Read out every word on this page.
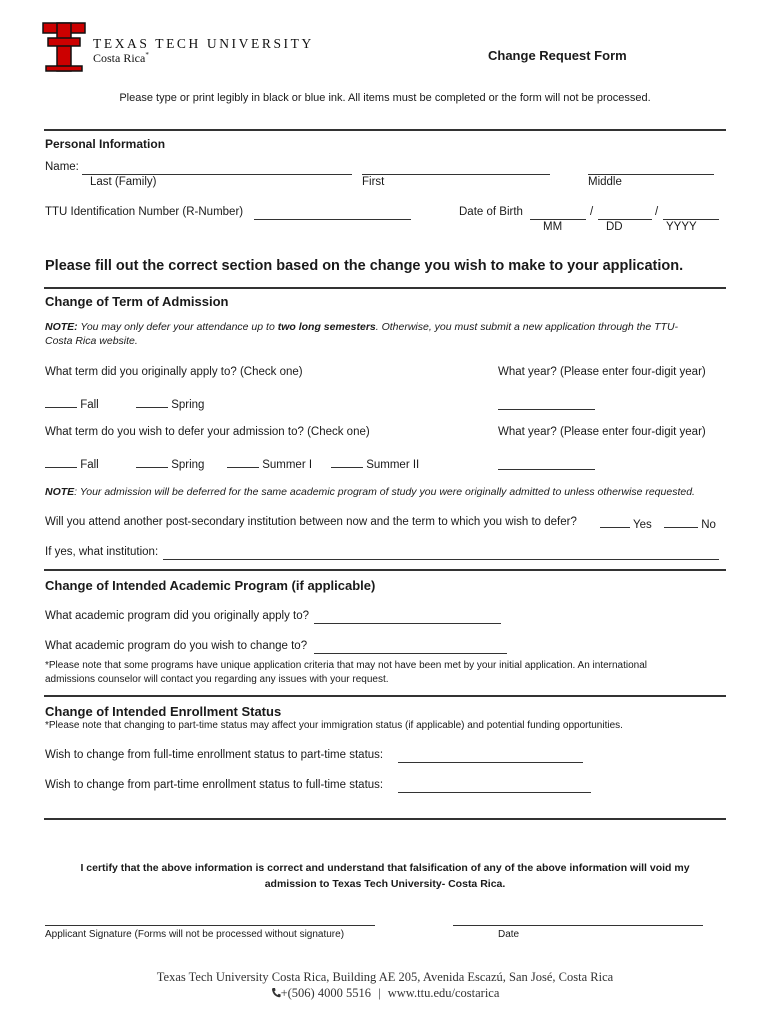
TEXAS TECH UNIVERSITY
Costa Rica*	Change Request Form
Please type or print legibly in black or blue ink. All items must be completed or the form will not be processed.
Personal Information
Name:
Last (Family)	First	Middle
TTU Identification Number (R-Number)	Date of Birth	/	/
MM	DD	YYYY
Please fill out the correct section based on the change you wish to make to your application.
Change of Term of Admission
NOTE: You may only defer your attendance up to two long semesters. Otherwise, you must submit a new application through the TTU-
Costa Rica website.
What term did you originally apply to? (Check one)	What year? (Please enter four-digit year)
Fall	Spring
What term do you wish to defer your admission to? (Check one)	What year? (Please enter four-digit year)
Fall	Spring	Summer I	Summer II
NOTE: Your admission will be deferred for the same academic program of study you were originally admitted to unless otherwise requested.
Will you attend another post-secondary institution between now and the term to which you wish to defer?	Yes	No
If yes, what institution:
Change of Intended Academic Program (if applicable)
What academic program did you originally apply to?
What academic program do you wish to change to?
*Please note that some programs have unique application criteria that may not have been met by your initial application. An international
admissions counselor will contact you regarding any issues with your request.
Change of Intended Enrollment Status
*Please note that changing to part-time status may affect your immigration status (if applicable) and potential funding opportunities.
Wish to change from full-time enrollment status to part-time status:
Wish to change from part-time enrollment status to full-time status:
I certify that the above information is correct and understand that falsification of any of the above information will void my admission to Texas Tech University- Costa Rica.
Applicant Signature (Forms will not be processed without signature)	Date
Texas Tech University Costa Rica, Building AE 205, Avenida Escazú, San José, Costa Rica
+(506) 4000 5516 | www.ttu.edu/costarica
